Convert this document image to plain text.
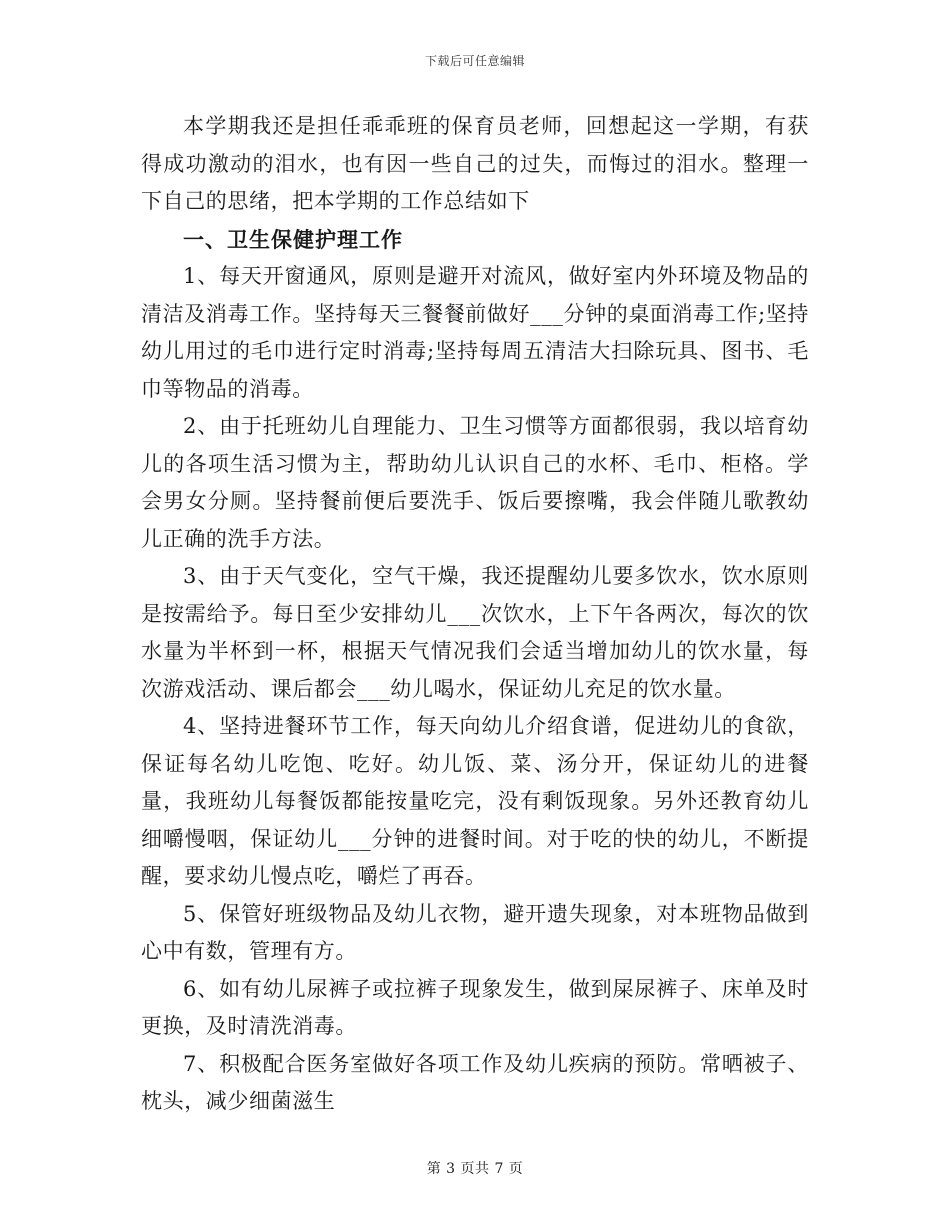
下载后可任意编辑

本学期我还是担任乖乖班的保育员老师，回想起这一学期，有获得成功激动的泪水，也有因一些自己的过失，而悔过的泪水。整理一下自己的思绪，把本学期的工作总结如下

一、卫生保健护理工作

1、每天开窗通风，原则是避开对流风，做好室内外环境及物品的清洁及消毒工作。坚持每天三餐餐前做好___分钟的桌面消毒工作;坚持幼儿用过的毛巾进行定时消毒;坚持每周五清洁大扫除玩具、图书、毛巾等物品的消毒。

2、由于托班幼儿自理能力、卫生习惯等方面都很弱，我以培育幼儿的各项生活习惯为主，帮助幼儿认识自己的水杯、毛巾、柜格。学会男女分厕。坚持餐前便后要洗手、饭后要擦嘴，我会伴随儿歌教幼儿正确的洗手方法。

3、由于天气变化，空气干燥，我还提醒幼儿要多饮水，饮水原则是按需给予。每日至少安排幼儿___次饮水，上下午各两次，每次的饮水量为半杯到一杯，根据天气情况我们会适当增加幼儿的饮水量，每次游戏活动、课后都会___幼儿喝水，保证幼儿充足的饮水量。

4、坚持进餐环节工作，每天向幼儿介绍食谱，促进幼儿的食欲，保证每名幼儿吃饱、吃好。幼儿饭、菜、汤分开，保证幼儿的进餐量，我班幼儿每餐饭都能按量吃完，没有剩饭现象。另外还教育幼儿细嚼慢咽，保证幼儿___分钟的进餐时间。对于吃的快的幼儿，不断提醒，要求幼儿慢点吃，嚼烂了再吞。

5、保管好班级物品及幼儿衣物，避开遗失现象，对本班物品做到心中有数，管理有方。

6、如有幼儿尿裤子或拉裤子现象发生，做到屎尿裤子、床单及时更换，及时清洗消毒。

7、积极配合医务室做好各项工作及幼儿疾病的预防。常晒被子、枕头，减少细菌滋生

第 3 页共 7 页
